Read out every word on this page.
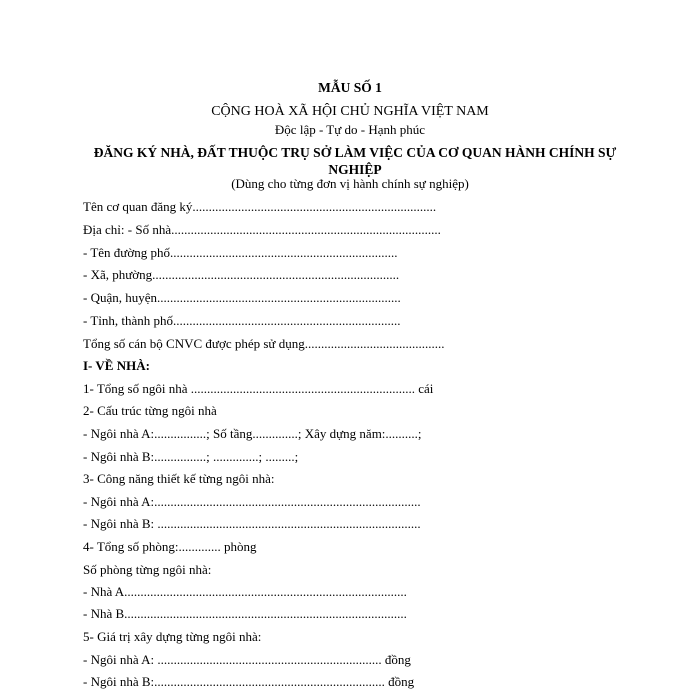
MẪU SỐ 1
CỘNG HOÀ XÃ HỘI CHỦ NGHĨA VIỆT NAM
Độc lập - Tự do - Hạnh phúc
ĐĂNG KÝ NHÀ, ĐẤT THUỘC TRỤ SỞ LÀM VIỆC CỦA CƠ QUAN HÀNH CHÍNH SỰ NGHIỆP
(Dùng cho từng đơn vị hành chính sự nghiệp)
Tên cơ quan đăng ký...........................................................................
Địa chỉ: - Số nhà...................................................................................
- Tên đường phố......................................................................
- Xã, phường............................................................................
- Quận, huyện...........................................................................
- Tỉnh, thành phố......................................................................
Tổng số cán bộ CNVC được phép sử dụng...........................................
I- VỀ NHÀ:
1- Tổng số ngôi nhà ..................................................................... cái
2- Cấu trúc từng ngôi nhà
- Ngôi nhà A:................; Số tầng..............; Xây dựng năm:..........;
- Ngôi nhà B:................; ..............; .........;
3- Công năng thiết kế từng ngôi nhà:
- Ngôi nhà A:..................................................................................
- Ngôi nhà B: .................................................................................
4- Tổng số phòng:............. phòng
Số phòng từng ngôi nhà:
- Nhà A.......................................................................................
- Nhà B.......................................................................................
5- Giá trị xây dựng từng ngôi nhà:
- Ngôi nhà A: ..................................................................... đồng
- Ngôi nhà B:....................................................................... đồng
